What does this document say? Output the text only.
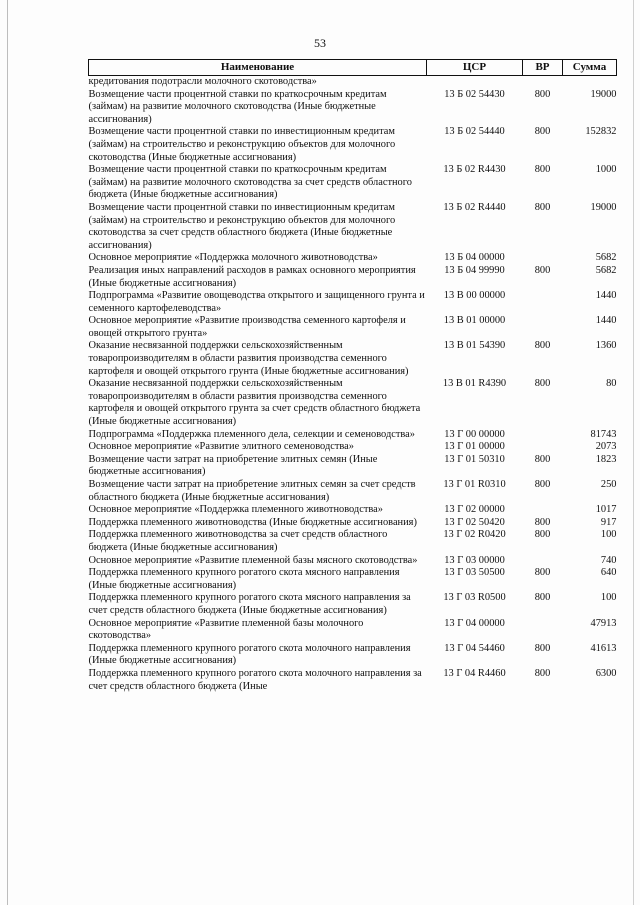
53
Наименование	ЦСР	ВР	Сумма
кредитования подотрасли молочного скотоводства»			
Возмещение части процентной ставки по краткосрочным кредитам (займам) на развитие молочного скотоводства (Иные бюджетные ассигнования)	13 Б 02 54430	800	19000
Возмещение части процентной ставки по инвестиционным кредитам (займам) на строительство и реконструкцию объектов для молочного скотоводства (Иные бюджетные ассигнования)	13 Б 02 54440	800	152832
Возмещение части процентной ставки по краткосрочным кредитам (займам) на развитие молочного скотоводства за счет средств областного бюджета (Иные бюджетные ассигнования)	13 Б 02 R4430	800	1000
Возмещение части процентной ставки по инвестиционным кредитам (займам) на строительство и реконструкцию объектов для молочного скотоводства за счет средств областного бюджета (Иные бюджетные ассигнования)	13 Б 02 R4440	800	19000
Основное мероприятие «Поддержка молочного животноводства»	13 Б 04 00000		5682
Реализация иных направлений расходов в рамках основного мероприятия (Иные бюджетные ассигнования)	13 Б 04 99990	800	5682
Подпрограмма «Развитие овощеводства открытого и защищенного грунта и семенного картофелеводства»	13 В 00 00000		1440
Основное мероприятие «Развитие производства семенного картофеля и овощей открытого грунта»	13 В 01 00000		1440
Оказание несвязанной поддержки сельскохозяйственным товаропроизводителям в области развития производства семенного картофеля и овощей открытого грунта (Иные бюджетные ассигнования)	13 В 01 54390	800	1360
Оказание несвязанной поддержки сельскохозяйственным товаропроизводителям в области развития производства семенного картофеля и овощей открытого грунта за счет средств областного бюджета (Иные бюджетные ассигнования)	13 В 01 R4390	800	80
Подпрограмма «Поддержка племенного дела, селекции и семеноводства»	13 Г 00 00000		81743
Основное мероприятие «Развитие элитного семеноводства»	13 Г 01 00000		2073
Возмещение части затрат на приобретение элитных семян (Иные бюджетные ассигнования)	13 Г 01 50310	800	1823
Возмещение части затрат на приобретение элитных семян за счет средств областного бюджета (Иные бюджетные ассигнования)	13 Г 01 R0310	800	250
Основное мероприятие «Поддержка племенного животноводства»	13 Г 02 00000		1017
Поддержка племенного животноводства (Иные бюджетные ассигнования)	13 Г 02 50420	800	917
Поддержка племенного животноводства за счет средств областного бюджета (Иные бюджетные ассигнования)	13 Г 02 R0420	800	100
Основное мероприятие «Развитие племенной базы мясного скотоводства»	13 Г 03 00000		740
Поддержка племенного крупного рогатого скота мясного направления (Иные бюджетные ассигнования)	13 Г 03 50500	800	640
Поддержка племенного крупного рогатого скота мясного направления за счет средств областного бюджета (Иные бюджетные ассигнования)	13 Г 03 R0500	800	100
Основное мероприятие «Развитие племенной базы молочного скотоводства»	13 Г 04 00000		47913
Поддержка племенного крупного рогатого скота молочного направления (Иные бюджетные ассигнования)	13 Г 04 54460	800	41613
Поддержка племенного крупного рогатого скота молочного направления за счет средств областного бюджета (Иные	13 Г 04 R4460	800	6300
